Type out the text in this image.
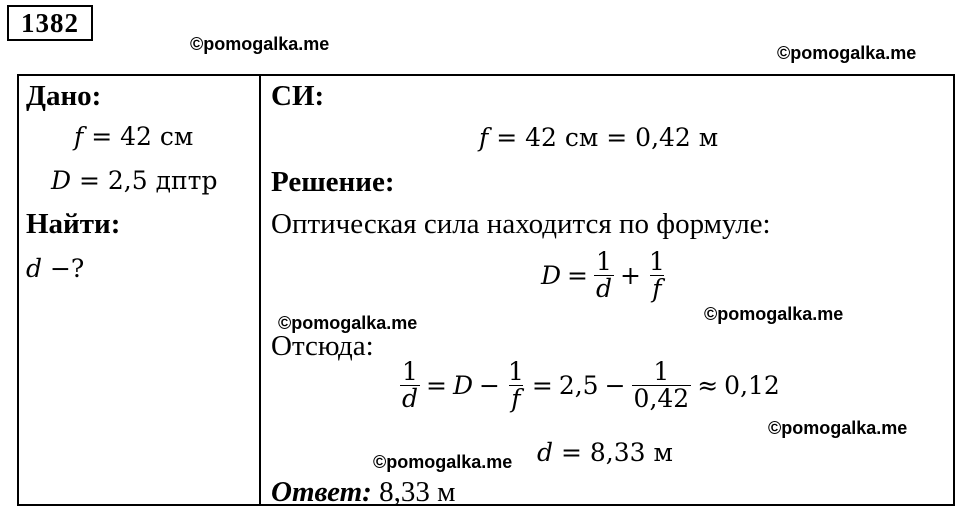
1382
©pomogalka.me	©pomogalka.me
Дано:
f = 42 см
D = 2,5 дптр
Найти:
d −?
СИ:
f = 42 см = 0,42 м
Решение:
Оптическая сила находится по формуле:
$D = \frac{1}{d} + \frac{1}{f}$
©pomogalka.me	©pomogalka.me
Отсюда:
$\frac{1}{d} = D - \frac{1}{f} = 2,5 - \frac{1}{0,42} \approx 0,12$
©pomogalka.me
©pomogalka.me d = 8,33 м
Ответ: 8,33 м
